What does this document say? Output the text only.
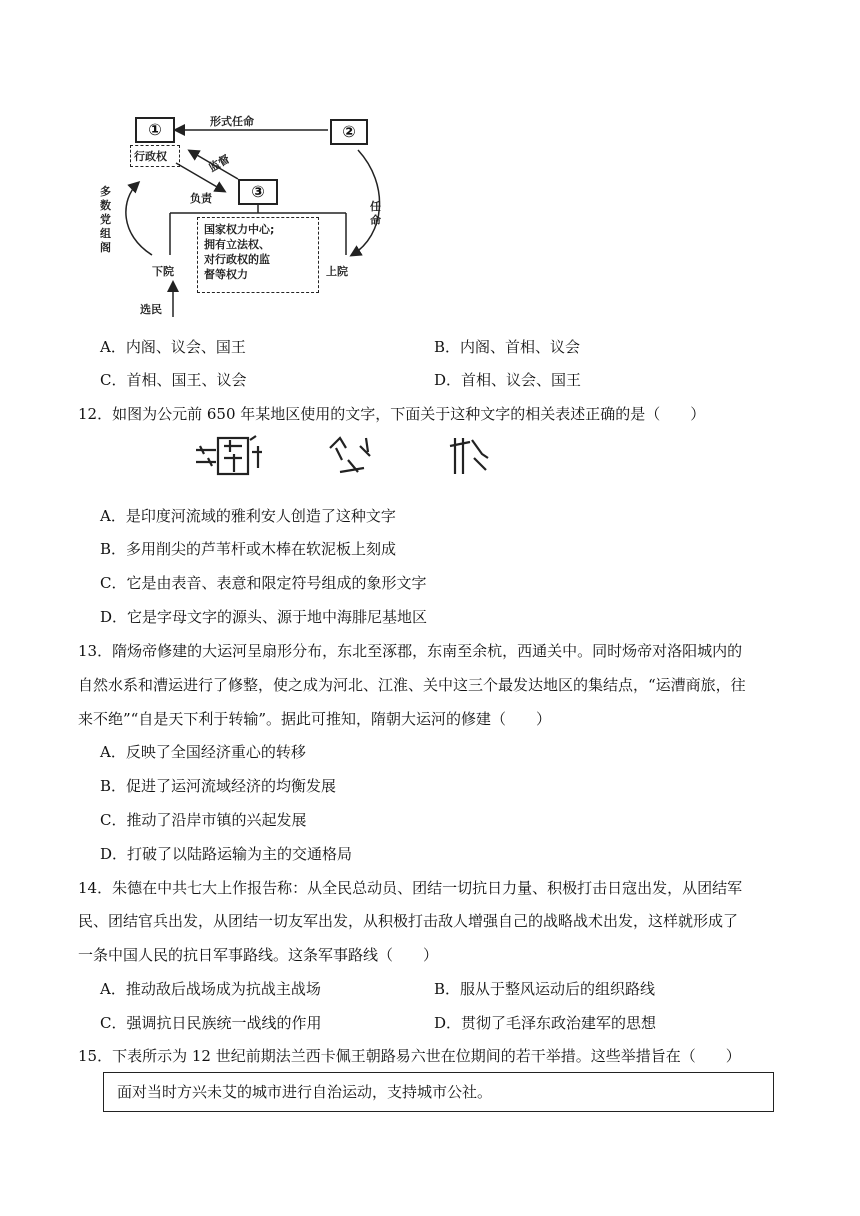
①	②
③
行政权
形式任命
监督
负责
多
数
党
组
阁
任
命
国家权力中心;
拥有立法权、
对行政权的监
督等权力
下院	上院
选民
A．内阁、议会、国王	B．内阁、首相、议会
C．首相、国王、议会	D．首相、议会、国王
12．如图为公元前 650 年某地区使用的文字，下面关于这种文字的相关表述正确的是（　　）
A．是印度河流域的雅利安人创造了这种文字
B．多用削尖的芦苇杆或木棒在软泥板上刻成
C．它是由表音、表意和限定符号组成的象形文字
D．它是字母文字的源头、源于地中海腓尼基地区
13．隋炀帝修建的大运河呈扇形分布，东北至涿郡，东南至余杭，西通关中。同时炀帝对洛阳城内的
自然水系和漕运进行了修整，使之成为河北、江淮、关中这三个最发达地区的集结点，“运漕商旅，往
来不绝”“自是天下利于转输”。据此可推知，隋朝大运河的修建（　　）
A．反映了全国经济重心的转移
B．促进了运河流域经济的均衡发展
C．推动了沿岸市镇的兴起发展
D．打破了以陆路运输为主的交通格局
14．朱德在中共七大上作报告称：从全民总动员、团结一切抗日力量、积极打击日寇出发，从团结军
民、团结官兵出发，从团结一切友军出发，从积极打击敌人增强自己的战略战术出发，这样就形成了
一条中国人民的抗日军事路线。这条军事路线（　　）
A．推动敌后战场成为抗战主战场	B．服从于整风运动后的组织路线
C．强调抗日民族统一战线的作用	D．贯彻了毛泽东政治建军的思想
15．下表所示为 12 世纪前期法兰西卡佩王朝路易六世在位期间的若干举措。这些举措旨在（　　）
面对当时方兴未艾的城市进行自治运动，支持城市公社。
